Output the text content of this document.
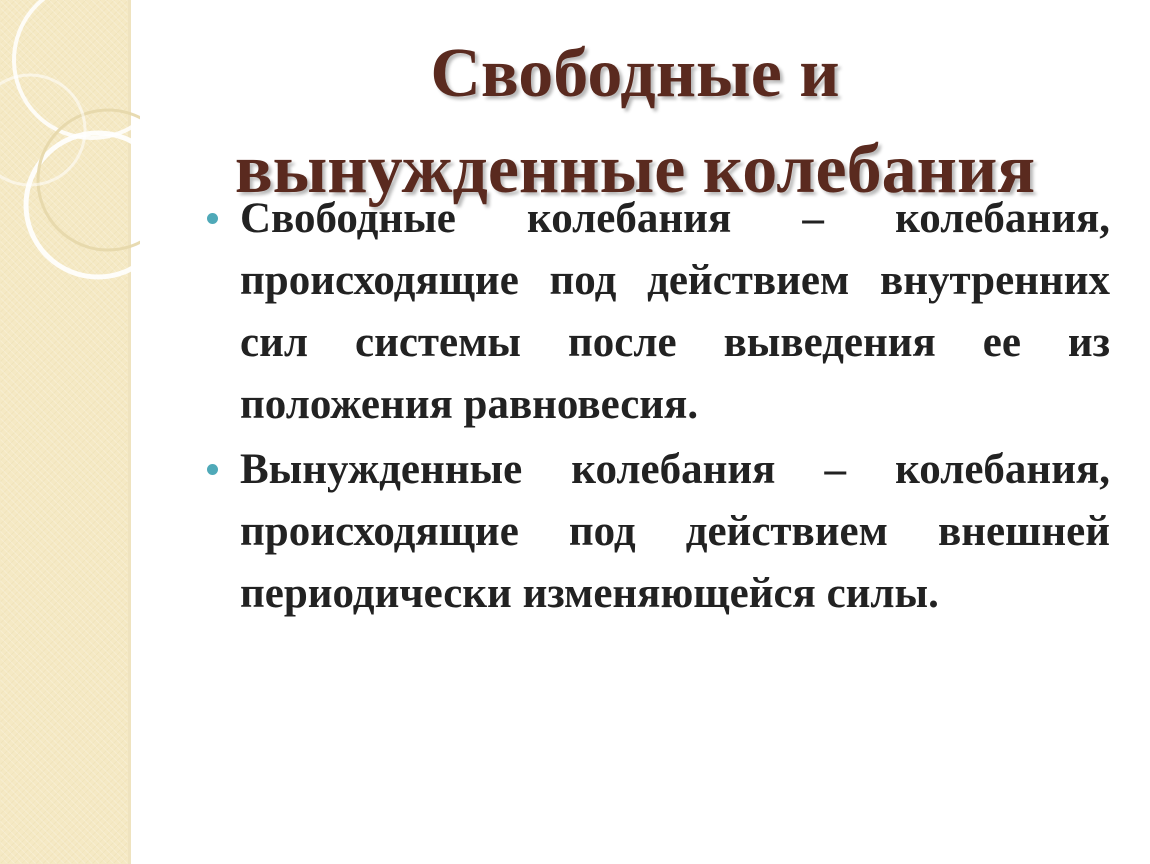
Свободные и
вынужденные колебания
Свободные колебания – колебания, происходящие под действием внутренних сил системы после выведения ее из положения равновесия.
Вынужденные колебания – колебания, происходящие под действием внешней периодически изменяющейся силы.
